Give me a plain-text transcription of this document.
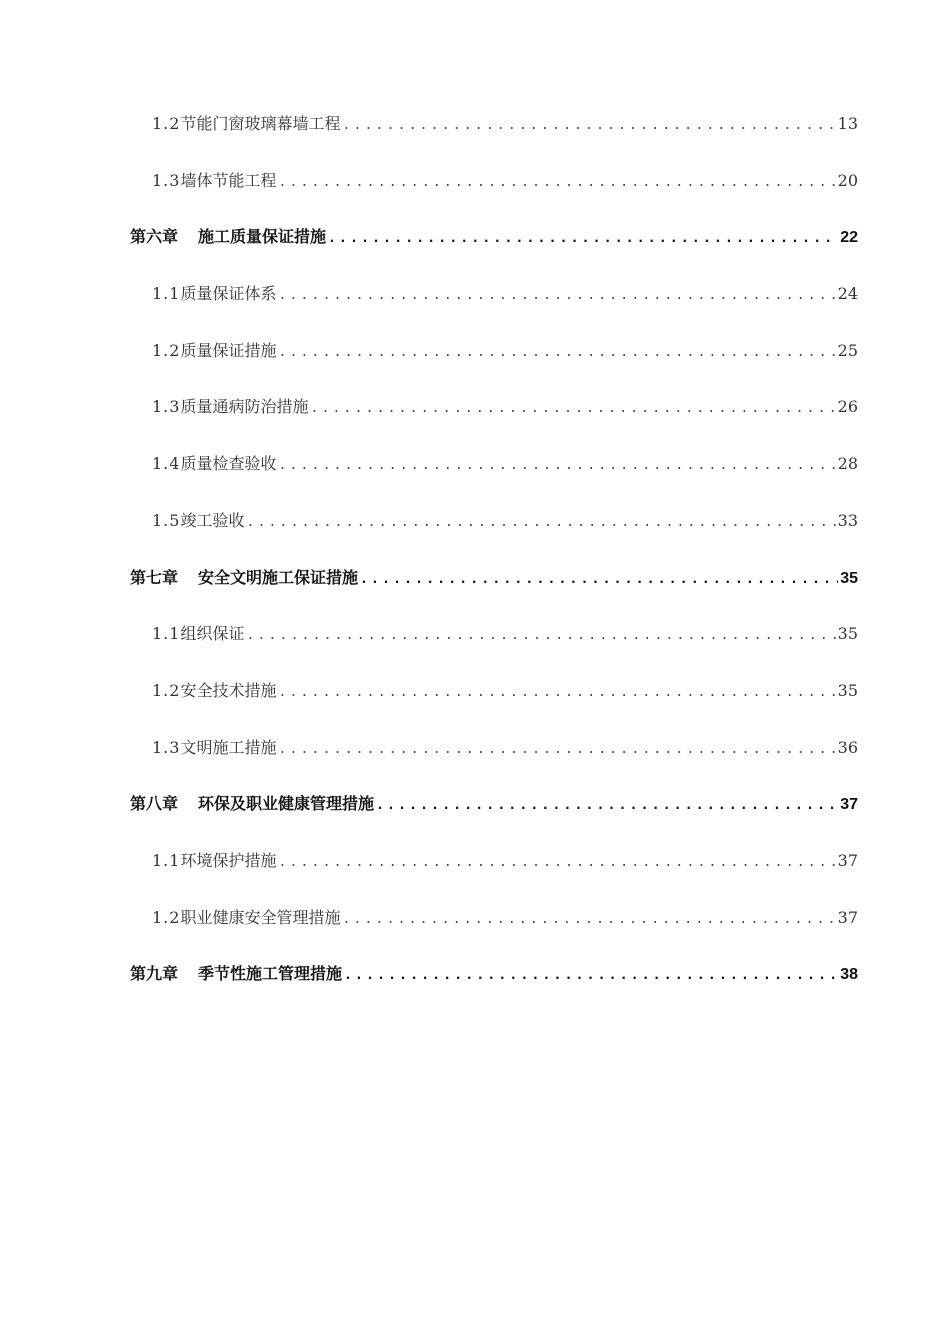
1.2 节能门窗玻璃幕墙工程 .....	13
1.3 墙体节能工程 .....	20
第六章 施工质量保证措施 .....	22
1.1 质量保证体系 .....	24
1.2 质量保证措施 .....	25
1.3 质量通病防治措施 .....	26
1.4 质量检查验收 .....	28
1.5 竣工验收 .....	33
第七章 安全文明施工保证措施 .....	35
1.1 组织保证 .....	35
1.2 安全技术措施 .....	35
1.3 文明施工措施 .....	36
第八章 环保及职业健康管理措施 .....	37
1.1 环境保护措施 .....	37
1.2 职业健康安全管理措施 .....	37
第九章 季节性施工管理措施 .....	38
